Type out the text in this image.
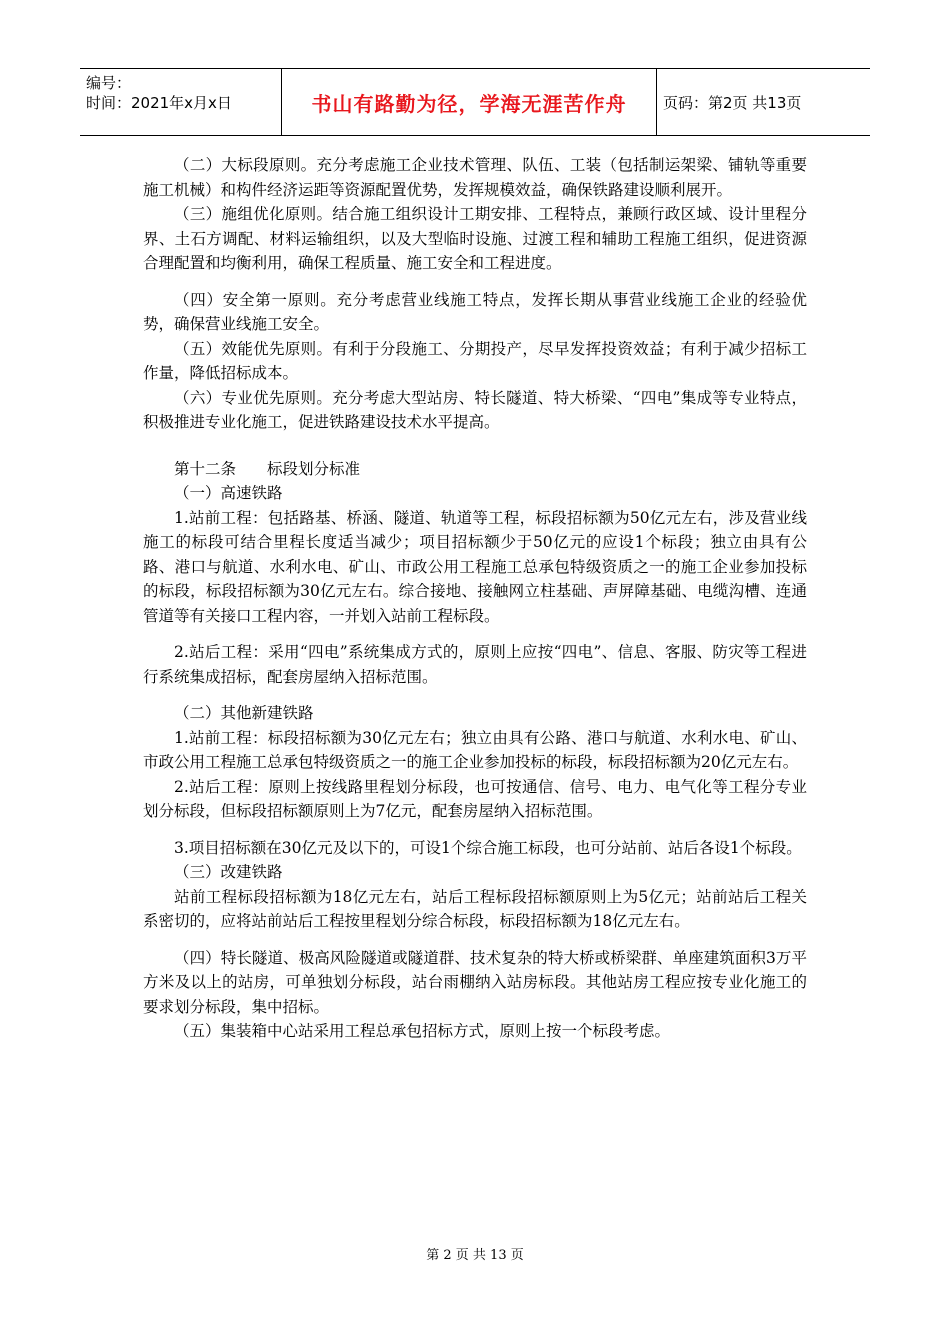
编号：
时间：2021年x月x日	书山有路勤为径，学海无涯苦作舟	页码：第2页 共13页

（二）大标段原则。充分考虑施工企业技术管理、队伍、工装（包括制运架梁、铺轨等重要施工机械）和构件经济运距等资源配置优势，发挥规模效益，确保铁路建设顺利展开。

（三）施组优化原则。结合施工组织设计工期安排、工程特点，兼顾行政区域、设计里程分界、土石方调配、材料运输组织，以及大型临时设施、过渡工程和辅助工程施工组织，促进资源合理配置和均衡利用，确保工程质量、施工安全和工程进度。

（四）安全第一原则。充分考虑营业线施工特点，发挥长期从事营业线施工企业的经验优势，确保营业线施工安全。

（五）效能优先原则。有利于分段施工、分期投产，尽早发挥投资效益；有利于减少招标工作量，降低招标成本。

（六）专业优先原则。充分考虑大型站房、特长隧道、特大桥梁、“四电”集成等专业特点，积极推进专业化施工，促进铁路建设技术水平提高。

第十二条　　标段划分标准

（一）高速铁路

1.站前工程：包括路基、桥涵、隧道、轨道等工程，标段招标额为50亿元左右，涉及营业线施工的标段可结合里程长度适当减少；项目招标额少于50亿元的应设1个标段；独立由具有公路、港口与航道、水利水电、矿山、市政公用工程施工总承包特级资质之一的施工企业参加投标的标段，标段招标额为30亿元左右。综合接地、接触网立柱基础、声屏障基础、电缆沟槽、连通管道等有关接口工程内容，一并划入站前工程标段。

2.站后工程：采用“四电”系统集成方式的，原则上应按“四电”、信息、客服、防灾等工程进行系统集成招标，配套房屋纳入招标范围。

（二）其他新建铁路

1.站前工程：标段招标额为30亿元左右；独立由具有公路、港口与航道、水利水电、矿山、市政公用工程施工总承包特级资质之一的施工企业参加投标的标段，标段招标额为20亿元左右。

2.站后工程：原则上按线路里程划分标段，也可按通信、信号、电力、电气化等工程分专业划分标段，但标段招标额原则上为7亿元，配套房屋纳入招标范围。

3.项目招标额在30亿元及以下的，可设1个综合施工标段，也可分站前、站后各设1个标段。

（三）改建铁路

站前工程标段招标额为18亿元左右，站后工程标段招标额原则上为5亿元；站前站后工程关系密切的，应将站前站后工程按里程划分综合标段，标段招标额为18亿元左右。

（四）特长隧道、极高风险隧道或隧道群、技术复杂的特大桥或桥梁群、单座建筑面积3万平方米及以上的站房，可单独划分标段，站台雨棚纳入站房标段。其他站房工程应按专业化施工的要求划分标段，集中招标。

（五）集装箱中心站采用工程总承包招标方式，原则上按一个标段考虑。

第 2 页 共 13 页
